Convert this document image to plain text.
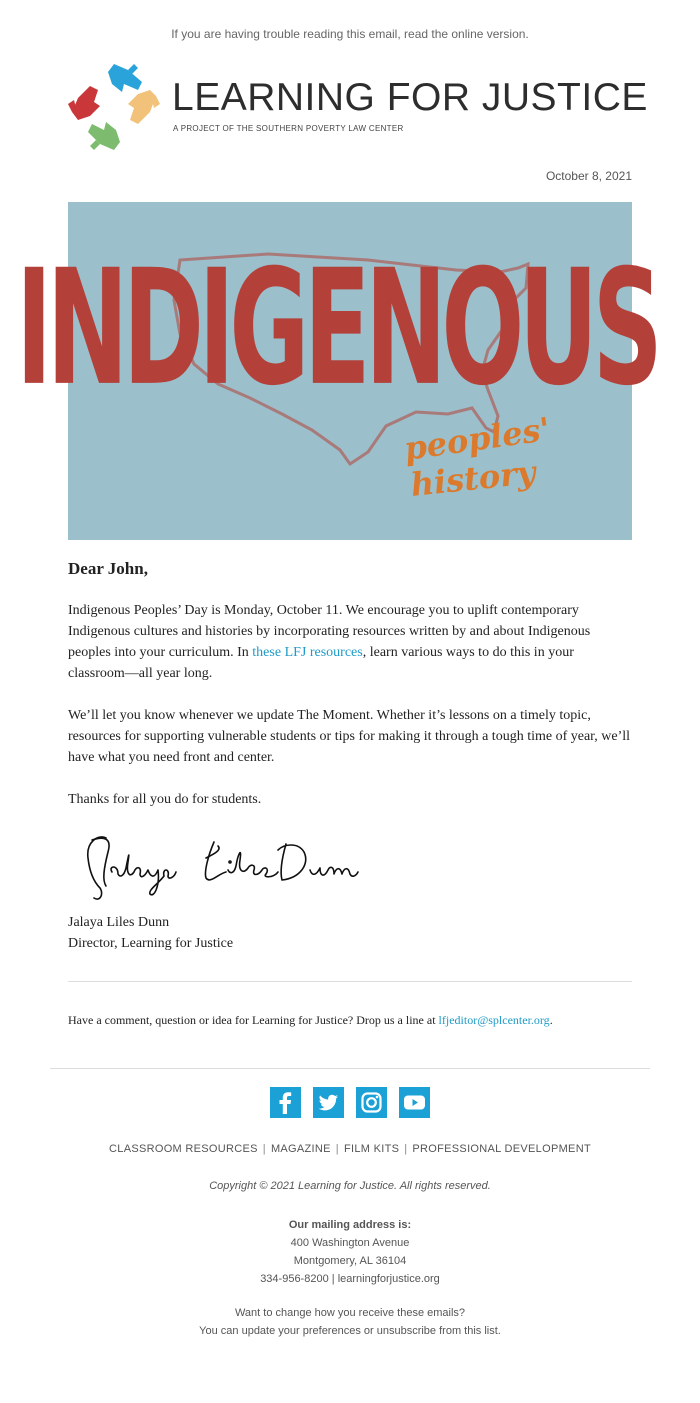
If you are having trouble reading this email, read the online version.
LEARNING FOR JUSTICE
A PROJECT OF THE SOUTHERN POVERTY LAW CENTER
October 8, 2021
INDIGENOUS
peoples'
history
Dear John,
Indigenous Peoples’ Day is Monday, October 11. We encourage you to uplift contemporary Indigenous cultures and histories by incorporating resources written by and about Indigenous peoples into your curriculum. In these LFJ resources, learn various ways to do this in your classroom—all year long.
We’ll let you know whenever we update The Moment. Whether it’s lessons on a timely topic, resources for supporting vulnerable students or tips for making it through a tough time of year, we’ll have what you need front and center.
Thanks for all you do for students.
Jalaya Liles Dunn
Director, Learning for Justice
Have a comment, question or idea for Learning for Justice? Drop us a line at lfjeditor@splcenter.org.

CLASSROOM RESOURCES | MAGAZINE | FILM KITS | PROFESSIONAL DEVELOPMENT
Copyright © 2021 Learning for Justice. All rights reserved.
Our mailing address is:
400 Washington Avenue
Montgomery, AL 36104
334-956-8200 | learningforjustice.org
Want to change how you receive these emails?
You can update your preferences or unsubscribe from this list.
